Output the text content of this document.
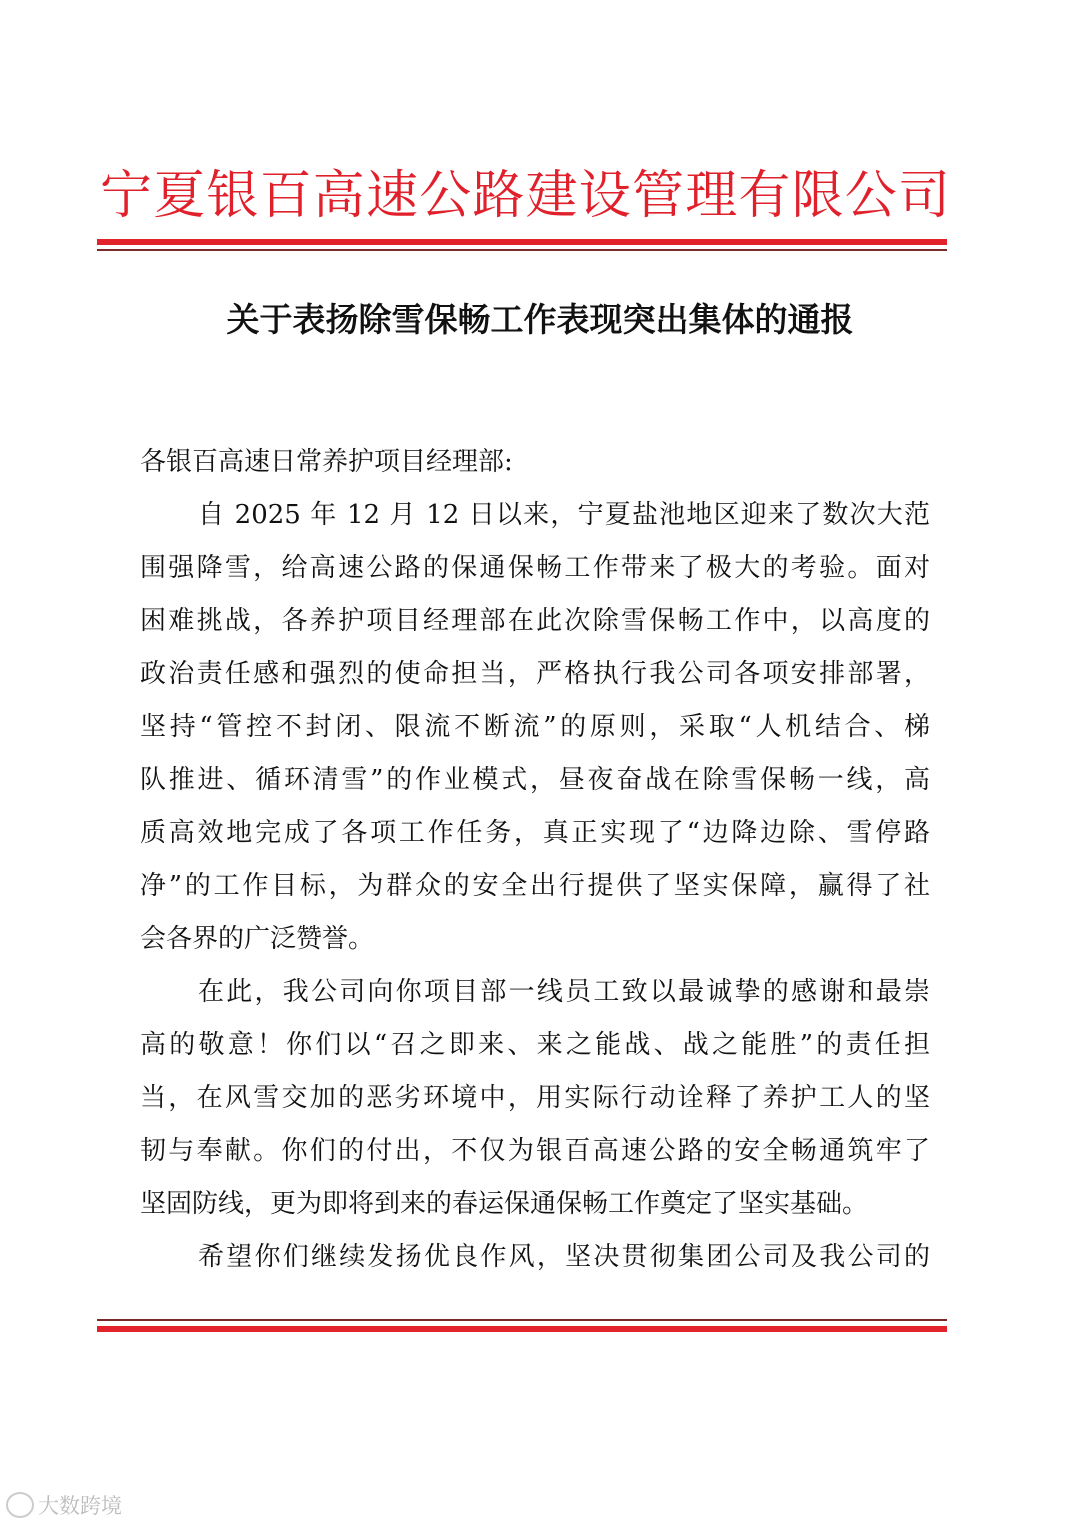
宁夏银百高速公路建设管理有限公司
关于表扬除雪保畅工作表现突出集体的通报
各银百高速日常养护项目经理部:
自 2025 年 12 月 12 日以来，宁夏盐池地区迎来了数次大范
围强降雪，给高速公路的保通保畅工作带来了极大的考验。面对
困难挑战，各养护项目经理部在此次除雪保畅工作中，以高度的
政治责任感和强烈的使命担当，严格执行我公司各项安排部署，
坚持“管控不封闭、限流不断流”的原则，采取“人机结合、梯
队推进、循环清雪”的作业模式，昼夜奋战在除雪保畅一线，高
质高效地完成了各项工作任务，真正实现了“边降边除、雪停路
净”的工作目标，为群众的安全出行提供了坚实保障，赢得了社
会各界的广泛赞誉。
在此，我公司向你项目部一线员工致以最诚挚的感谢和最崇
高的敬意！你们以“召之即来、来之能战、战之能胜”的责任担
当，在风雪交加的恶劣环境中，用实际行动诠释了养护工人的坚
韧与奉献。你们的付出，不仅为银百高速公路的安全畅通筑牢了
坚固防线，更为即将到来的春运保通保畅工作奠定了坚实基础。
希望你们继续发扬优良作风，坚决贯彻集团公司及我公司的
大数跨境
